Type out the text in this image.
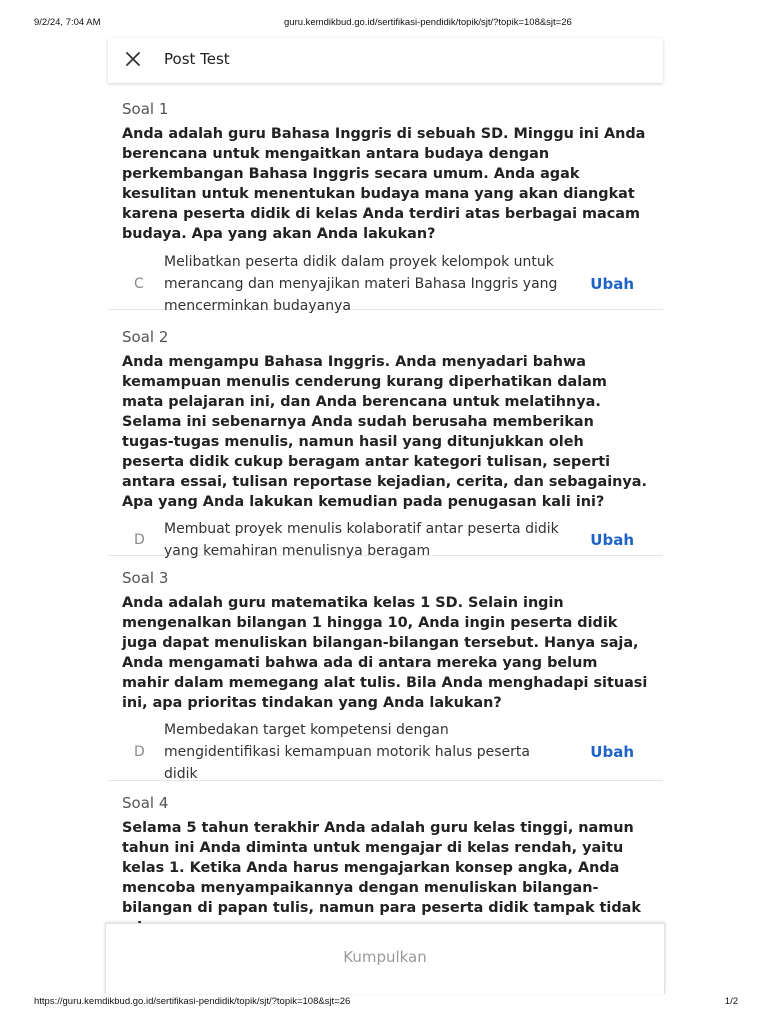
9/2/24, 7:04 AM	guru.kemdikbud.go.id/sertifikasi-pendidik/topik/sjt/?topik=108&sjt=26
Post Test
Soal 1
Anda adalah guru Bahasa Inggris di sebuah SD. Minggu ini Anda berencana untuk mengaitkan antara budaya dengan perkembangan Bahasa Inggris secara umum. Anda agak kesulitan untuk menentukan budaya mana yang akan diangkat karena peserta didik di kelas Anda terdiri atas berbagai macam budaya. Apa yang akan Anda lakukan?
C
Melibatkan peserta didik dalam proyek kelompok untuk merancang dan menyajikan materi Bahasa Inggris yang mencerminkan budayanya
Ubah
Soal 2
Anda mengampu Bahasa Inggris. Anda menyadari bahwa kemampuan menulis cenderung kurang diperhatikan dalam mata pelajaran ini, dan Anda berencana untuk melatihnya. Selama ini sebenarnya Anda sudah berusaha memberikan tugas-tugas menulis, namun hasil yang ditunjukkan oleh peserta didik cukup beragam antar kategori tulisan, seperti antara essai, tulisan reportase kejadian, cerita, dan sebagainya. Apa yang Anda lakukan kemudian pada penugasan kali ini?
D
Membuat proyek menulis kolaboratif antar peserta didik yang kemahiran menulisnya beragam
Ubah
Soal 3
Anda adalah guru matematika kelas 1 SD. Selain ingin mengenalkan bilangan 1 hingga 10, Anda ingin peserta didik juga dapat menuliskan bilangan-bilangan tersebut. Hanya saja, Anda mengamati bahwa ada di antara mereka yang belum mahir dalam memegang alat tulis. Bila Anda menghadapi situasi ini, apa prioritas tindakan yang Anda lakukan?
D
Membedakan target kompetensi dengan mengidentifikasi kemampuan motorik halus peserta didik
Ubah
Soal 4
Selama 5 tahun terakhir Anda adalah guru kelas tinggi, namun tahun ini Anda diminta untuk mengajar di kelas rendah, yaitu kelas 1. Ketika Anda harus mengajarkan konsep angka, Anda mencoba menyampaikannya dengan menuliskan bilangan-bilangan di papan tulis, namun para peserta didik tampak tidak
Kumpulkan
https://guru.kemdikbud.go.id/sertifikasi-pendidik/topik/sjt/?topik=108&sjt=26	1/2
